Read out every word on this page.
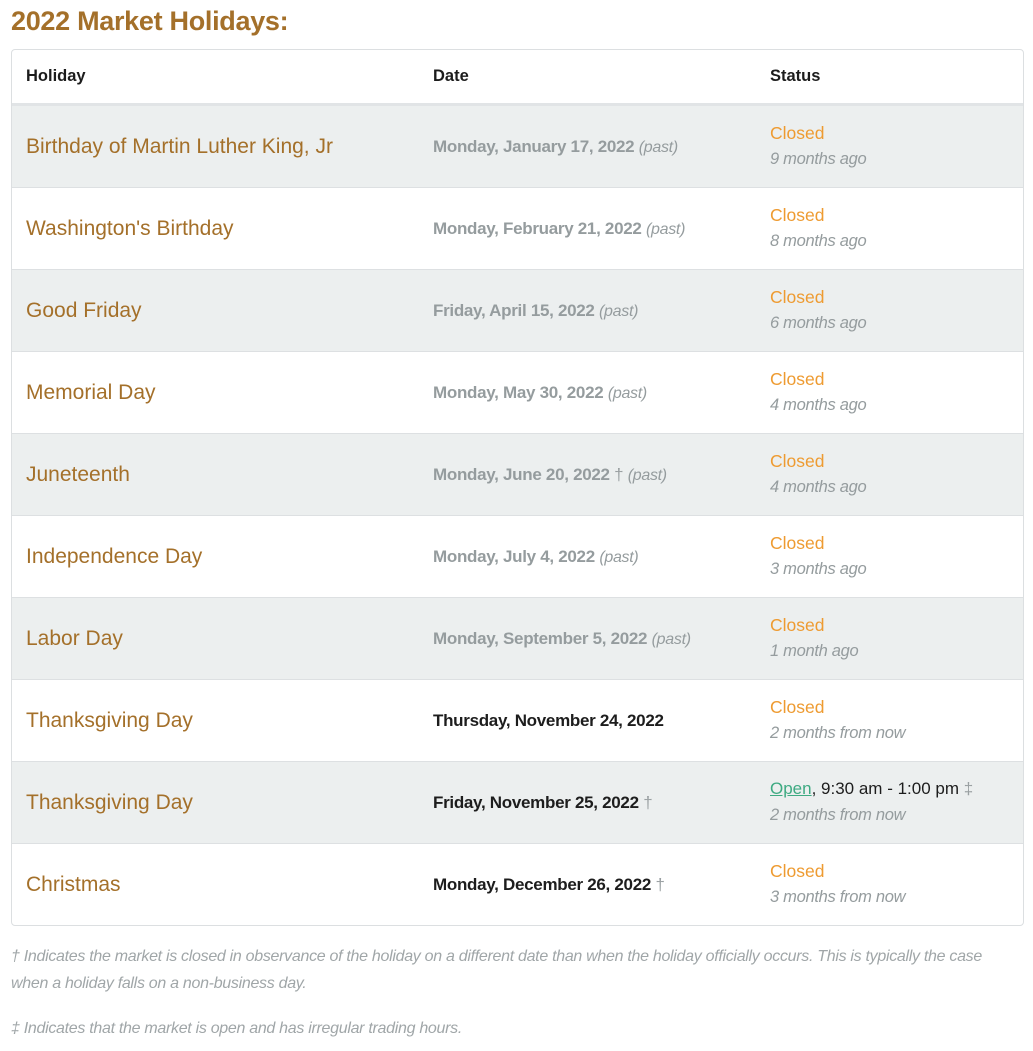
2022 Market Holidays:
Holiday	Date	Status
Birthday of Martin Luther King, Jr	Monday, January 17, 2022 (past)	Closed
9 months ago

Washington's Birthday	Monday, February 21, 2022 (past)	Closed
8 months ago

Good Friday	Friday, April 15, 2022 (past)	Closed
6 months ago

Memorial Day	Monday, May 30, 2022 (past)	Closed
4 months ago

Juneteenth	Monday, June 20, 2022 † (past)	Closed
4 months ago

Independence Day	Monday, July 4, 2022 (past)	Closed
3 months ago

Labor Day	Monday, September 5, 2022 (past)	Closed
1 month ago

Thanksgiving Day	Thursday, November 24, 2022	Closed
2 months from now

Thanksgiving Day	Friday, November 25, 2022 †	Open, 9:30 am - 1:00 pm ‡
2 months from now

Christmas	Monday, December 26, 2022 †	Closed
3 months from now

† Indicates the market is closed in observance of the holiday on a different date than when the holiday officially occurs. This is typically the case when a holiday falls on a non-business day.

‡ Indicates that the market is open and has irregular trading hours.
